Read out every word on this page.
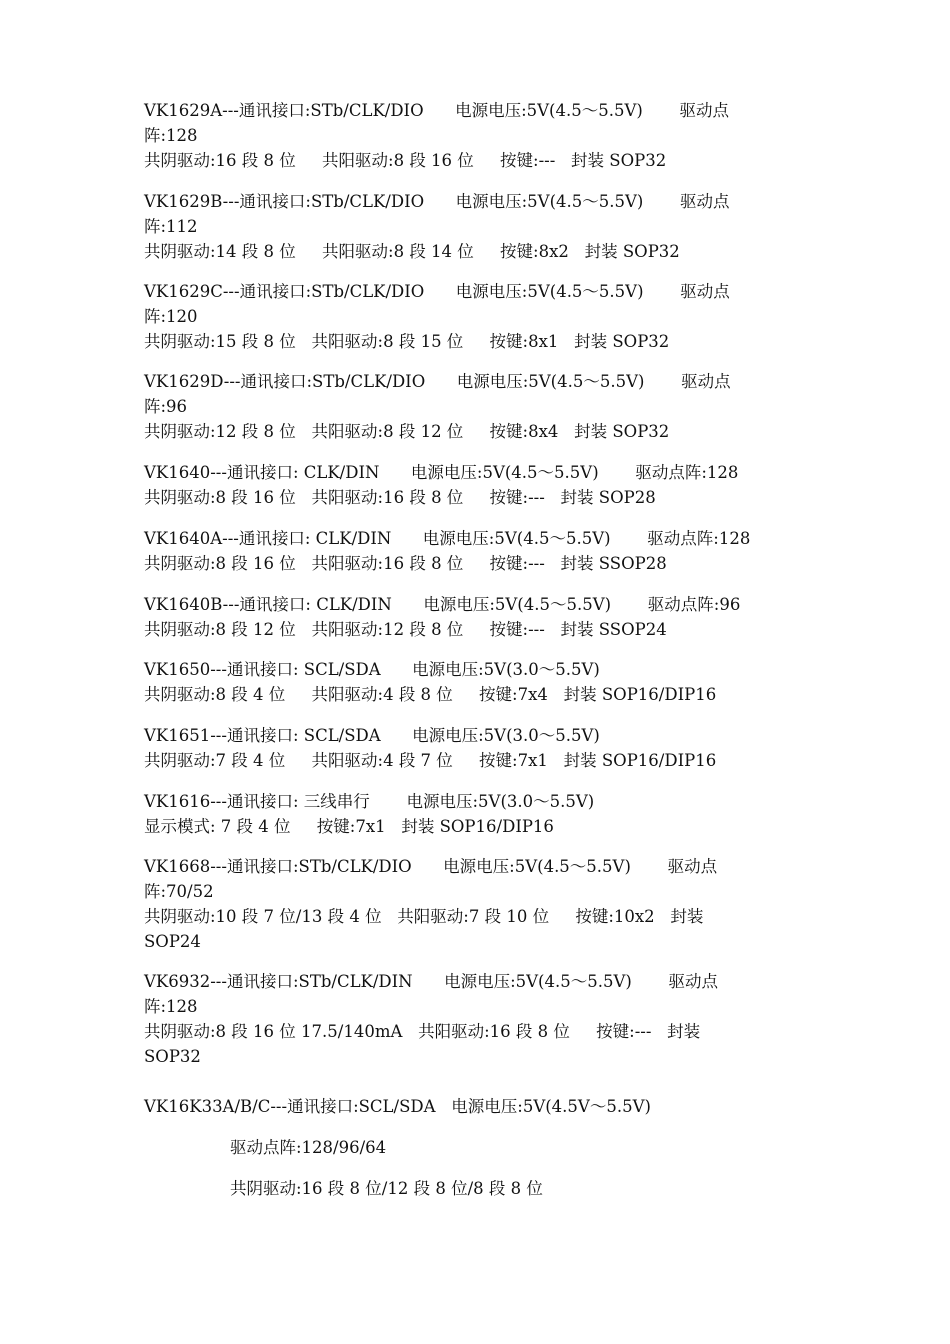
VK1629A---通讯接口:STb/CLK/DIO      电源电压:5V(4.5～5.5V)       驱动点
阵:128
共阴驱动:16 段 8 位     共阳驱动:8 段 16 位     按键:---   封装 SOP32
VK1629B---通讯接口:STb/CLK/DIO      电源电压:5V(4.5～5.5V)       驱动点
阵:112
共阴驱动:14 段 8 位     共阳驱动:8 段 14 位     按键:8x2   封装 SOP32
VK1629C---通讯接口:STb/CLK/DIO      电源电压:5V(4.5～5.5V)       驱动点
阵:120
共阴驱动:15 段 8 位   共阳驱动:8 段 15 位     按键:8x1   封装 SOP32
VK1629D---通讯接口:STb/CLK/DIO      电源电压:5V(4.5～5.5V)       驱动点
阵:96
共阴驱动:12 段 8 位   共阳驱动:8 段 12 位     按键:8x4   封装 SOP32
VK1640---通讯接口: CLK/DIN      电源电压:5V(4.5～5.5V)       驱动点阵:128
共阴驱动:8 段 16 位   共阳驱动:16 段 8 位     按键:---   封装 SOP28
VK1640A---通讯接口: CLK/DIN      电源电压:5V(4.5～5.5V)       驱动点阵:128
共阴驱动:8 段 16 位   共阳驱动:16 段 8 位     按键:---   封装 SSOP28
VK1640B---通讯接口: CLK/DIN      电源电压:5V(4.5～5.5V)       驱动点阵:96
共阴驱动:8 段 12 位   共阳驱动:12 段 8 位     按键:---   封装 SSOP24
VK1650---通讯接口: SCL/SDA      电源电压:5V(3.0～5.5V)
共阴驱动:8 段 4 位     共阳驱动:4 段 8 位     按键:7x4   封装 SOP16/DIP16
VK1651---通讯接口: SCL/SDA      电源电压:5V(3.0～5.5V)
共阴驱动:7 段 4 位     共阳驱动:4 段 7 位     按键:7x1   封装 SOP16/DIP16
VK1616---通讯接口: 三线串行       电源电压:5V(3.0～5.5V)
显示模式: 7 段 4 位     按键:7x1   封装 SOP16/DIP16
VK1668---通讯接口:STb/CLK/DIO      电源电压:5V(4.5～5.5V)       驱动点
阵:70/52
共阴驱动:10 段 7 位/13 段 4 位   共阳驱动:7 段 10 位     按键:10x2   封装
SOP24
VK6932---通讯接口:STb/CLK/DIN      电源电压:5V(4.5～5.5V)       驱动点
阵:128
共阴驱动:8 段 16 位 17.5/140mA   共阳驱动:16 段 8 位     按键:---   封装
SOP32
VK16K33A/B/C---通讯接口:SCL/SDA   电源电压:5V(4.5V～5.5V)
驱动点阵:128/96/64
共阴驱动:16 段 8 位/12 段 8 位/8 段 8 位
